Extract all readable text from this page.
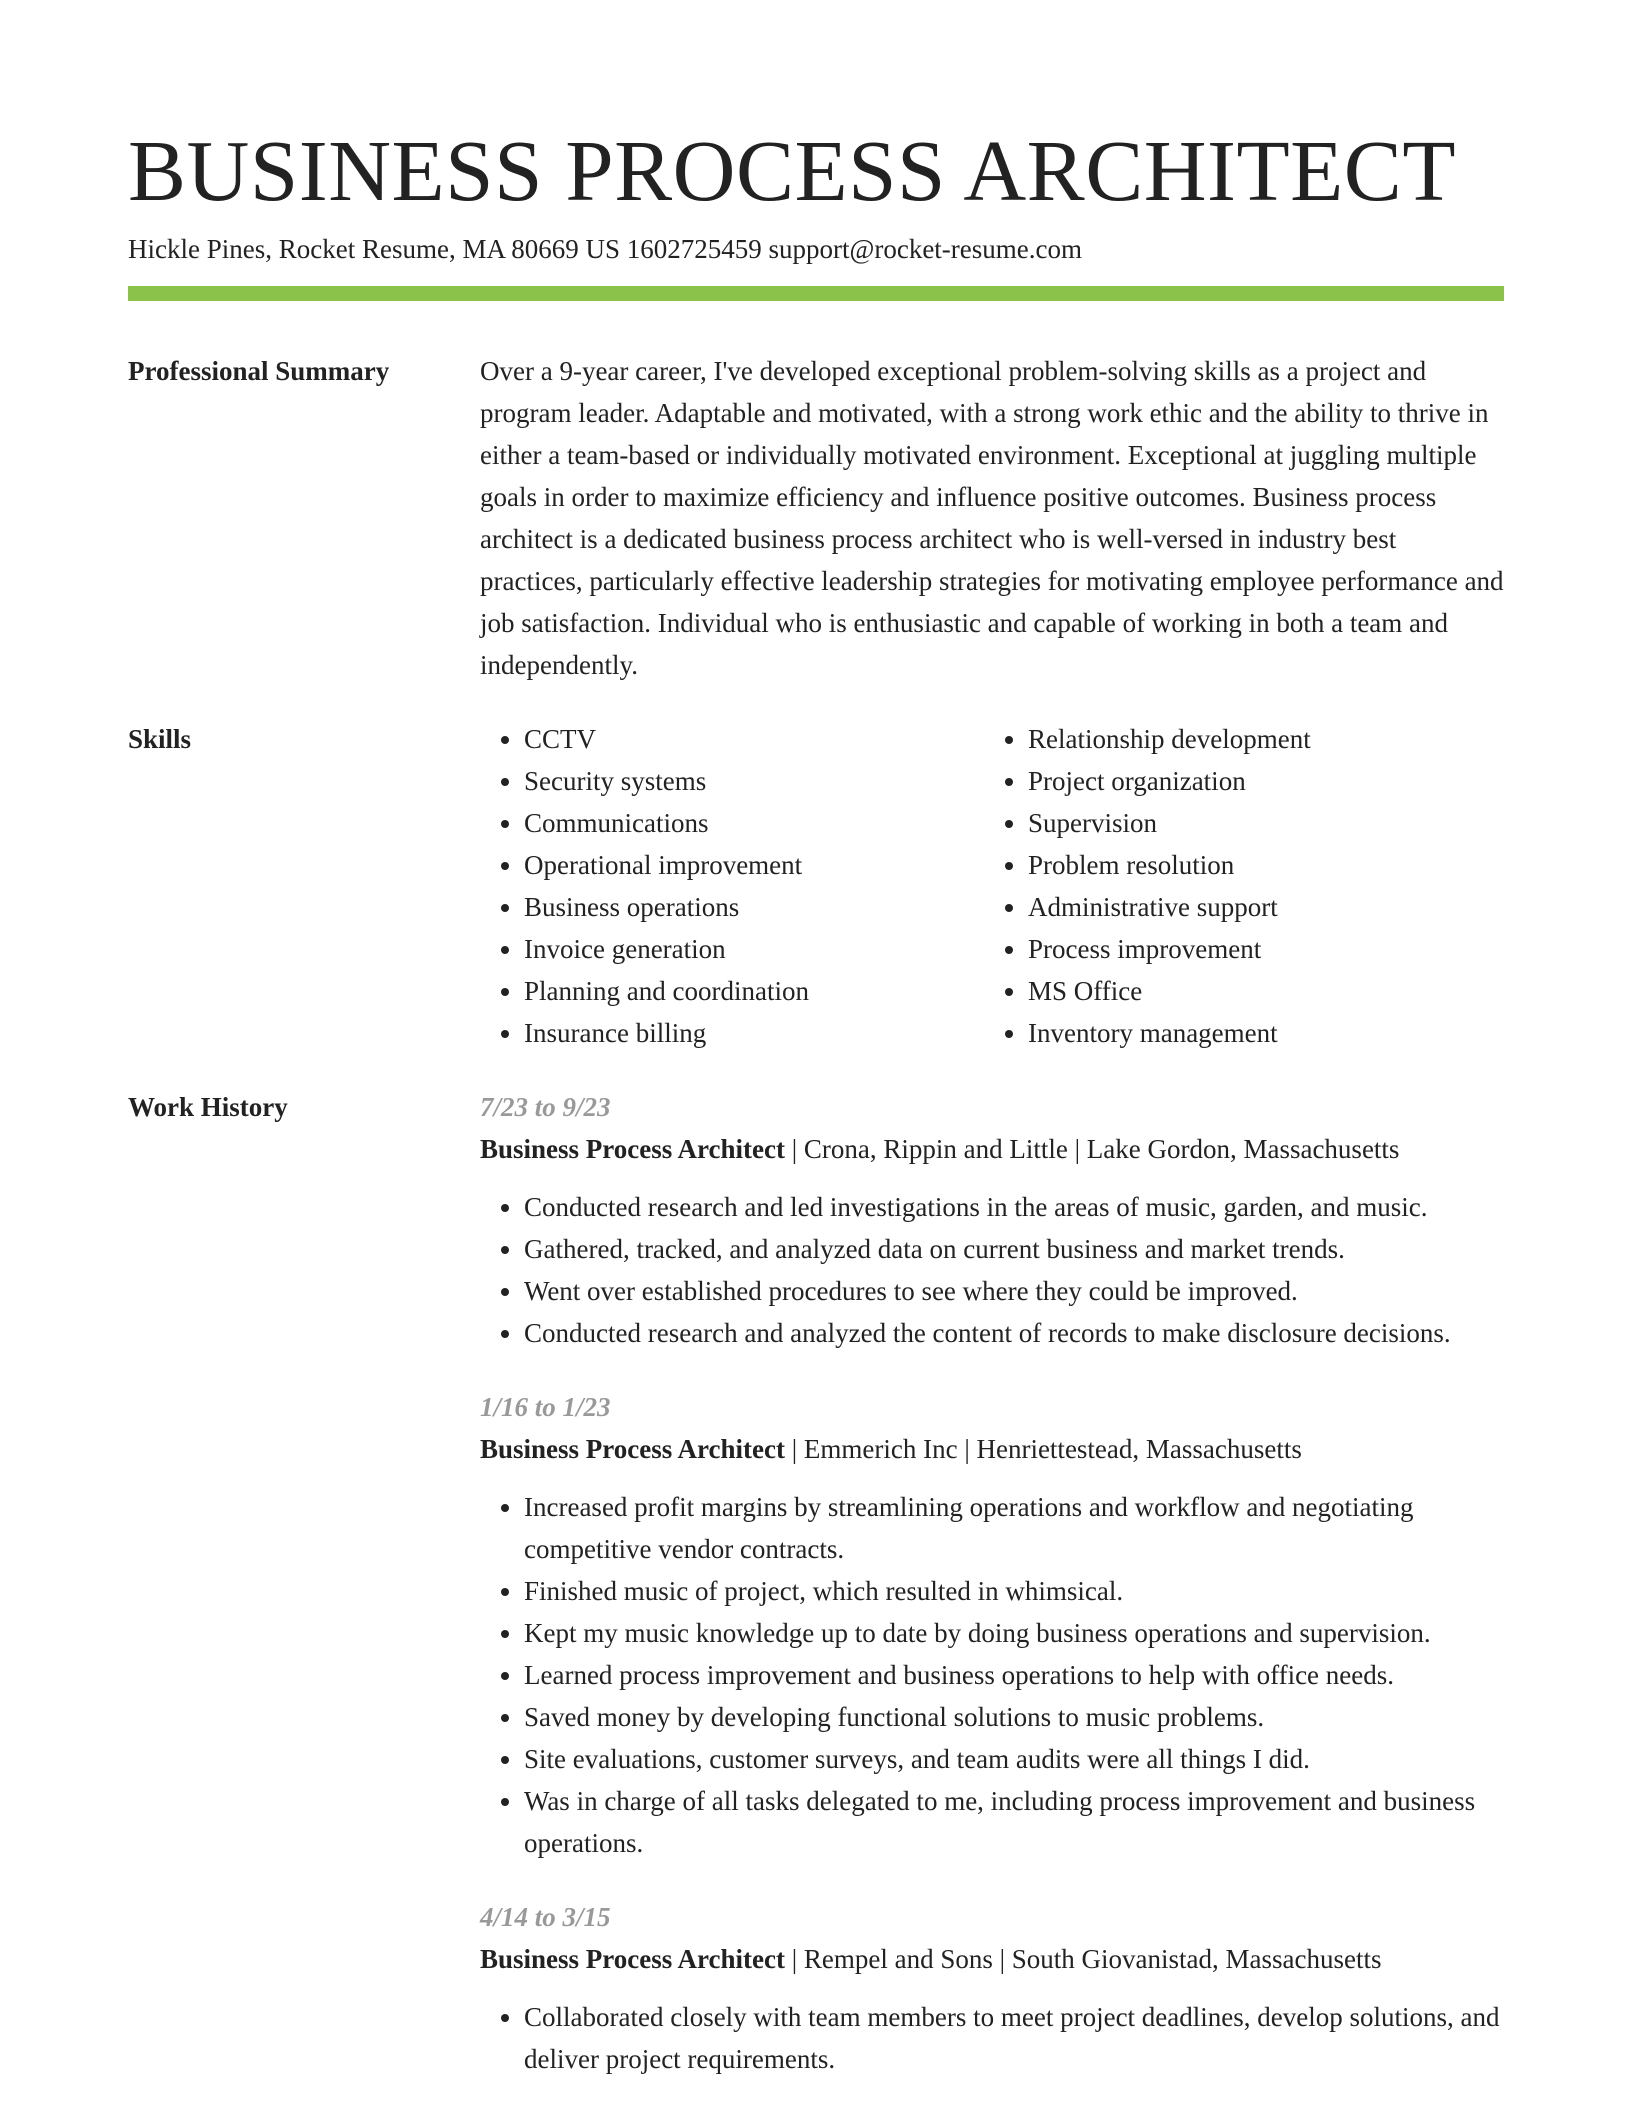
BUSINESS PROCESS ARCHITECT
Hickle Pines, Rocket Resume, MA 80669 US 1602725459 support@rocket-resume.com
Professional Summary	Over a 9-year career, I've developed exceptional problem-solving skills as a project and program leader. Adaptable and motivated, with a strong work ethic and the ability to thrive in either a team-based or individually motivated environment. Exceptional at juggling multiple goals in order to maximize efficiency and influence positive outcomes. Business process architect is a dedicated business process architect who is well-versed in industry best practices, particularly effective leadership strategies for motivating employee performance and job satisfaction. Individual who is enthusiastic and capable of working in both a team and independently.

Skills
•	CCTV
• Security systems
• Communications
• Operational improvement
• Business operations
• Invoice generation
• Planning and coordination
• Insurance billing
• Relationship development
• Project organization
• Supervision
• Problem resolution
• Administrative support
• Process improvement
• MS Office
• Inventory management
Work History	7/23 to 9/23
Business Process Architect | Crona, Rippin and Little | Lake Gordon, Massachusetts
• Conducted research and led investigations in the areas of music, garden, and music.
• Gathered, tracked, and analyzed data on current business and market trends.
• Went over established procedures to see where they could be improved.
• Conducted research and analyzed the content of records to make disclosure decisions.
1/16 to 1/23
Business Process Architect | Emmerich Inc | Henriettestead, Massachusetts
• Increased profit margins by streamlining operations and workflow and negotiating competitive vendor contracts.
• Finished music of project, which resulted in whimsical.
• Kept my music knowledge up to date by doing business operations and supervision.
• Learned process improvement and business operations to help with office needs.
• Saved money by developing functional solutions to music problems.
• Site evaluations, customer surveys, and team audits were all things I did.
• Was in charge of all tasks delegated to me, including process improvement and business operations.
4/14 to 3/15
Business Process Architect | Rempel and Sons | South Giovanistad, Massachusetts
• Collaborated closely with team members to meet project deadlines, develop solutions, and deliver project requirements.
